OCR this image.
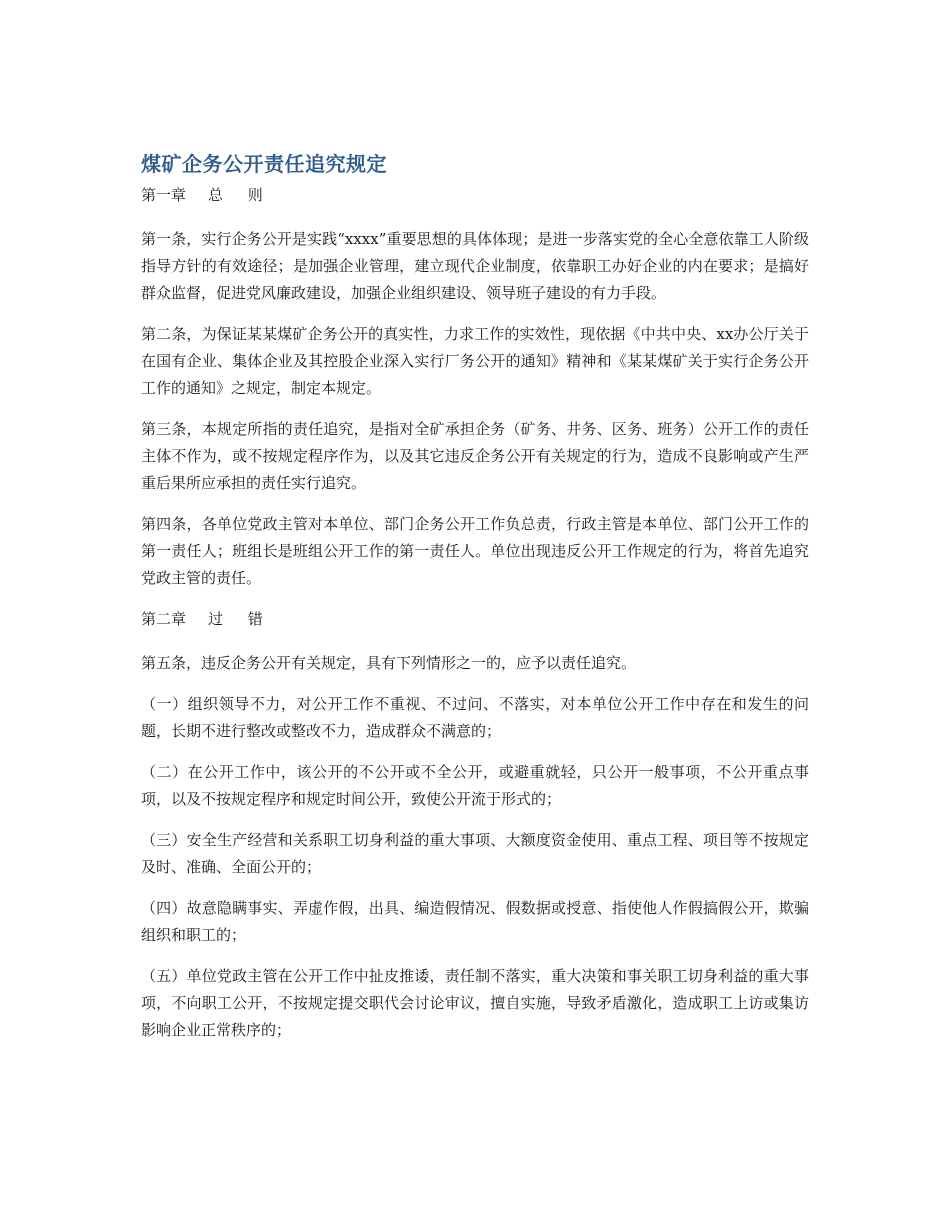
煤矿企务公开责任追究规定
第一章 总 则

第一条，实行企务公开是实践“xxxx”重要思想的具体体现；是进一步落实党的全心全意依靠工人阶级指导方针的有效途径；是加强企业管理，建立现代企业制度，依靠职工办好企业的内在要求；是搞好群众监督，促进党风廉政建设，加强企业组织建设、领导班子建设的有力手段。

第二条，为保证某某煤矿企务公开的真实性，力求工作的实效性，现依据《中共中央、xx办公厅关于在国有企业、集体企业及其控股企业深入实行厂务公开的通知》精神和《某某煤矿关于实行企务公开工作的通知》之规定，制定本规定。

第三条，本规定所指的责任追究，是指对全矿承担企务（矿务、井务、区务、班务）公开工作的责任主体不作为，或不按规定程序作为，以及其它违反企务公开有关规定的行为，造成不良影响或产生严重后果所应承担的责任实行追究。

第四条，各单位党政主管对本单位、部门企务公开工作负总责，行政主管是本单位、部门公开工作的第一责任人；班组长是班组公开工作的第一责任人。单位出现违反公开工作规定的行为，将首先追究党政主管的责任。

第二章 过 错

第五条，违反企务公开有关规定，具有下列情形之一的，应予以责任追究。

（一）组织领导不力，对公开工作不重视、不过问、不落实，对本单位公开工作中存在和发生的问题，长期不进行整改或整改不力，造成群众不满意的；

（二）在公开工作中，该公开的不公开或不全公开，或避重就轻，只公开一般事项，不公开重点事项，以及不按规定程序和规定时间公开，致使公开流于形式的；

（三）安全生产经营和关系职工切身利益的重大事项、大额度资金使用、重点工程、项目等不按规定及时、准确、全面公开的；

（四）故意隐瞒事实、弄虚作假，出具、编造假情况、假数据或授意、指使他人作假搞假公开，欺骗组织和职工的；

（五）单位党政主管在公开工作中扯皮推诿，责任制不落实，重大决策和事关职工切身利益的重大事项，不向职工公开，不按规定提交职代会讨论审议，擅自实施，导致矛盾激化，造成职工上访或集访影响企业正常秩序的；
